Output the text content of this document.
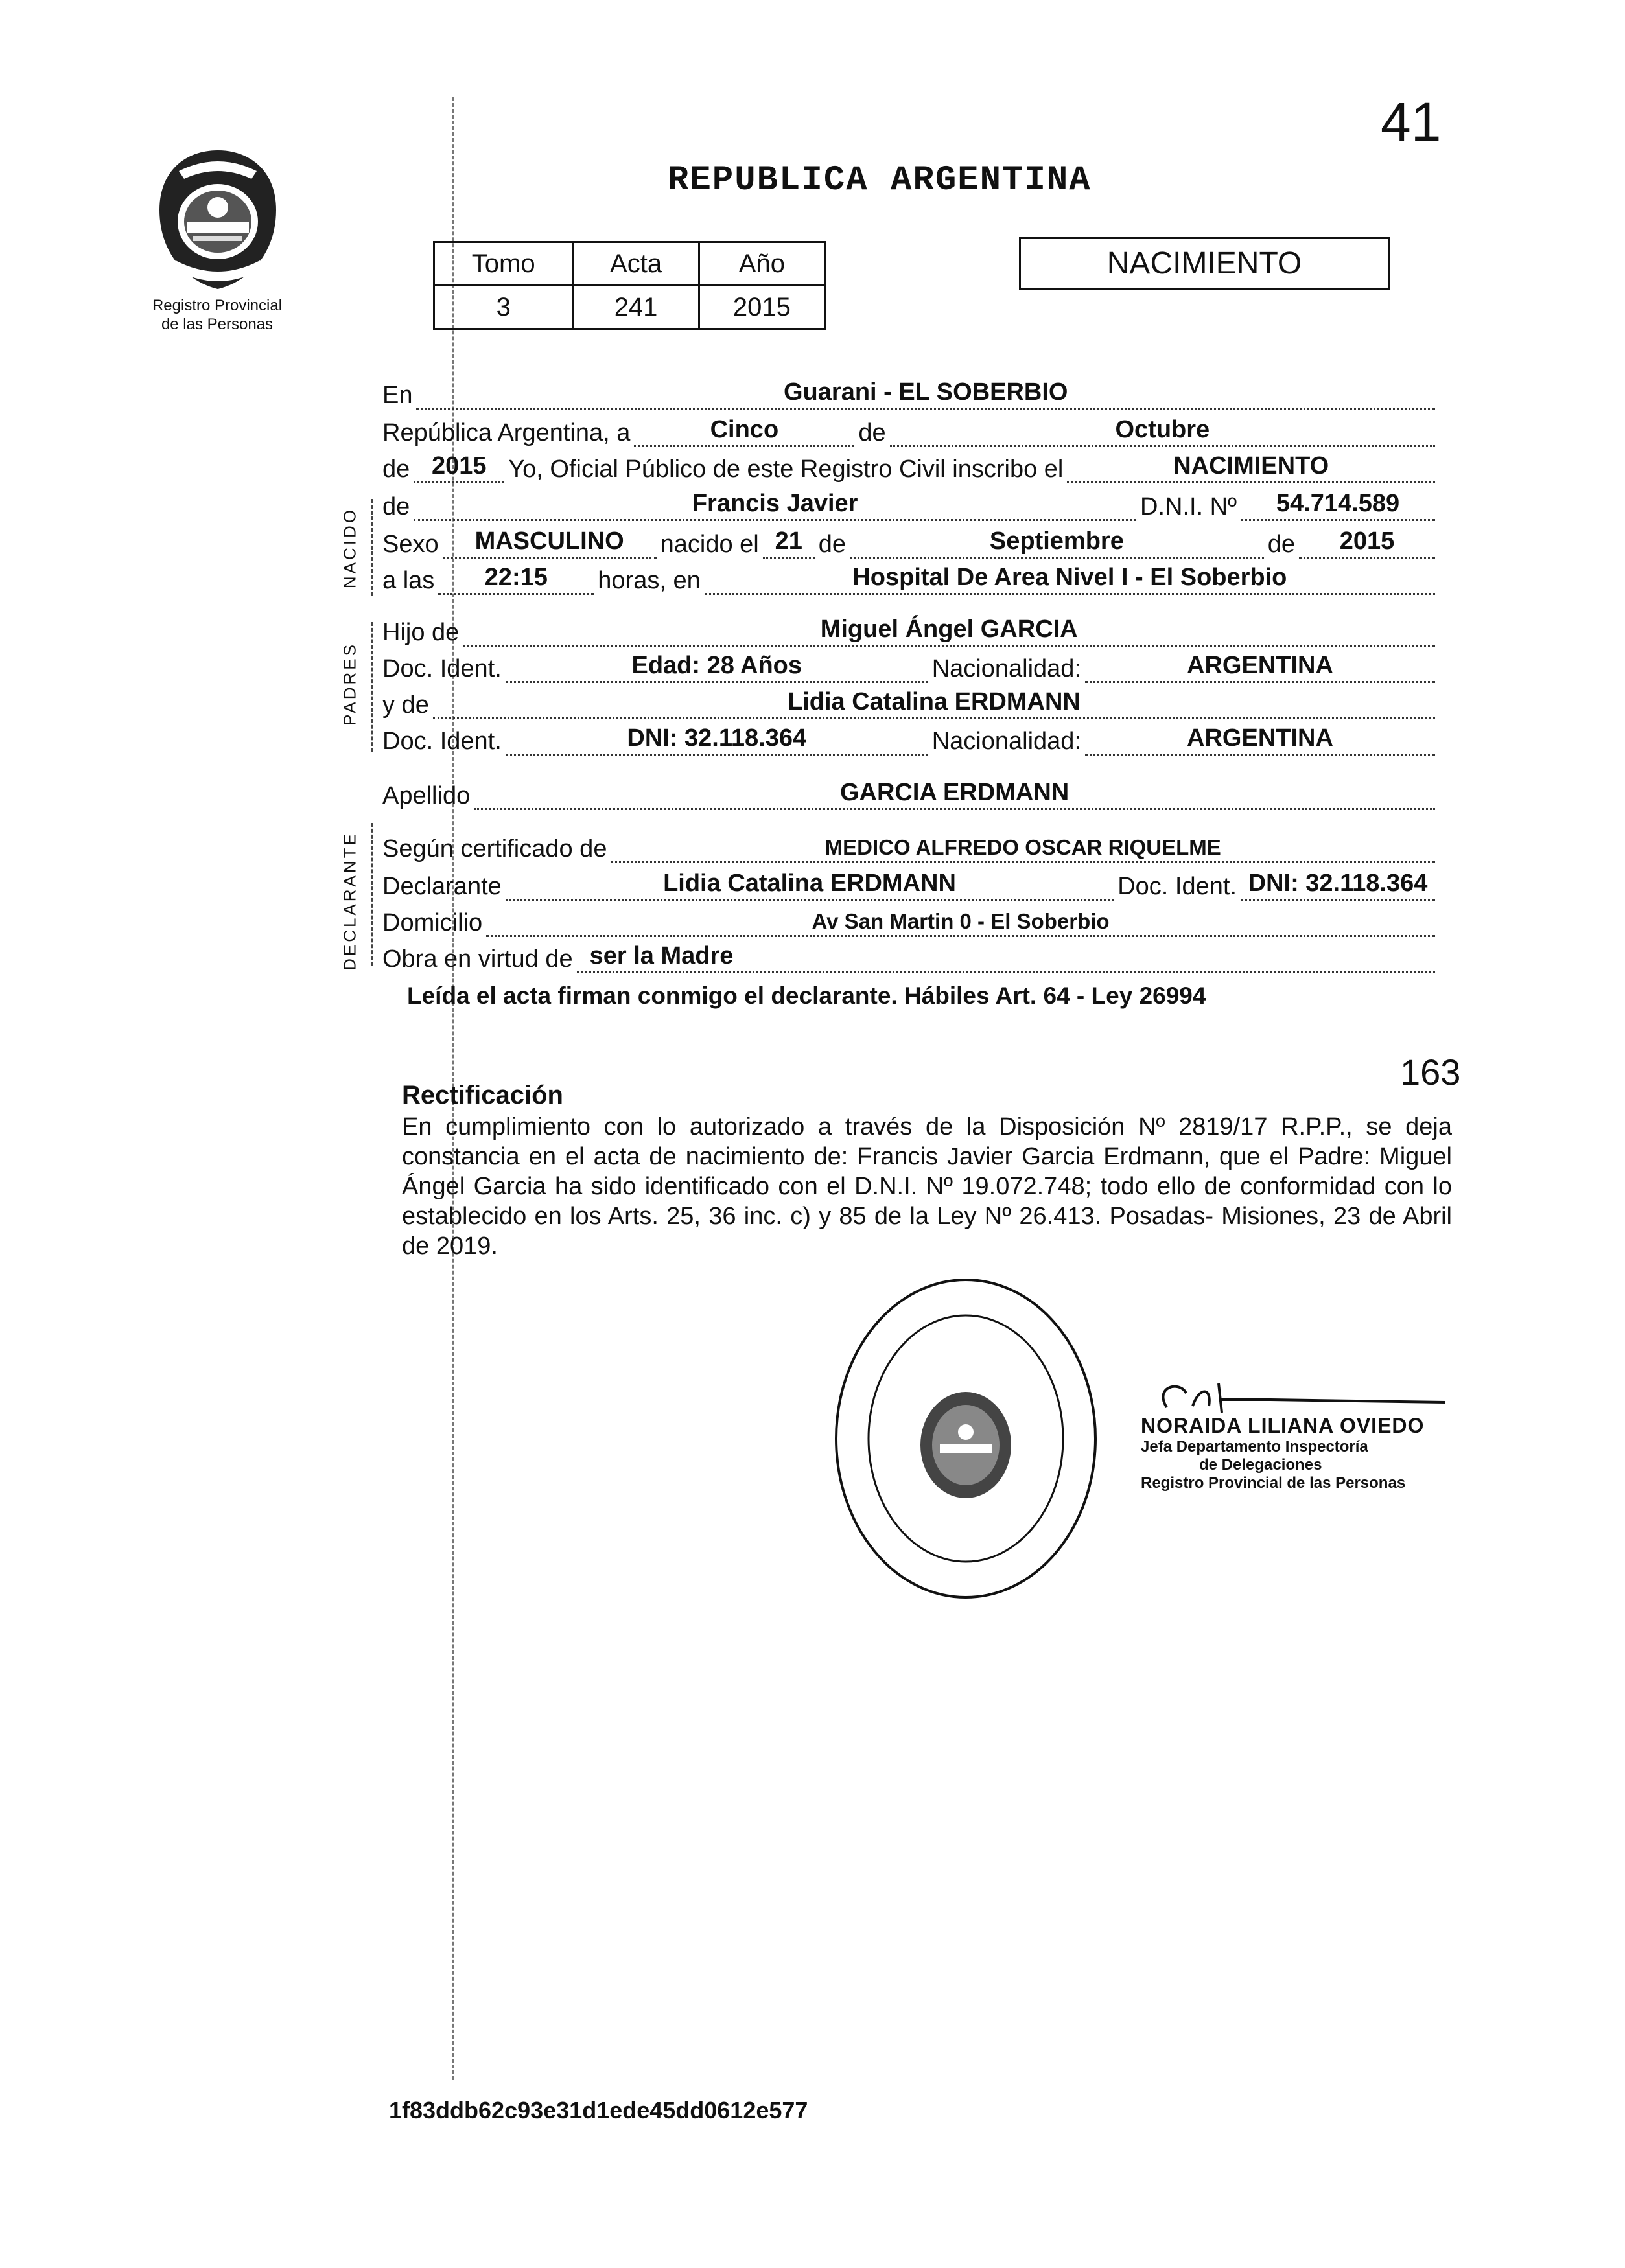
41
Registro Provincial
de las Personas
REPUBLICA ARGENTINA
Tomo	Acta	Año
3	241	2015
NACIMIENTO
NACIDO
PADRES
DECLARANTE
En	Guarani - EL SOBERBIO
República Argentina, a	Cinco	de	Octubre
de 2015 Yo, Oficial Público de este Registro Civil inscribo el	NACIMIENTO
de	Francis Javier	D.N.I. Nº	54.714.589
Sexo	MASCULINO	nacido el 21 de	Septiembre	de	2015
a las	22:15	horas, en	Hospital De Area Nivel I - El Soberbio
Hijo de	Miguel Ángel GARCIA
Doc. Ident.	Edad: 28 Años	Nacionalidad:	ARGENTINA
y de	Lidia Catalina ERDMANN
Doc. Ident.	DNI: 32.118.364	Nacionalidad:	ARGENTINA
Apellido	GARCIA ERDMANN
Según certificado de	MEDICO ALFREDO OSCAR RIQUELME
Declarante	Lidia Catalina ERDMANN	Doc. Ident. DNI: 32.118.364
Domicilio	Av San Martin 0 - El Soberbio
Obra en virtud de ser la Madre
Leída el acta firman conmigo el declarante. Hábiles Art. 64 - Ley 26994
163
Rectificación
En cumplimiento con lo autorizado a través de la Disposición Nº 2819/17 R.P.P., se deja constancia en el acta de nacimiento de: Francis Javier Garcia Erdmann, que el Padre: Miguel Ángel Garcia ha sido identificado con el D.N.I. Nº 19.072.748; todo ello de conformidad con lo establecido en los Arts. 25, 36 inc. c) y 85 de la Ley Nº 26.413. Posadas- Misiones, 23 de Abril de 2019.
NORAIDA LILIANA OVIEDO
Jefa Departamento Inspectoría
de Delegaciones
Registro Provincial de las Personas
1f83ddb62c93e31d1ede45dd0612e577
